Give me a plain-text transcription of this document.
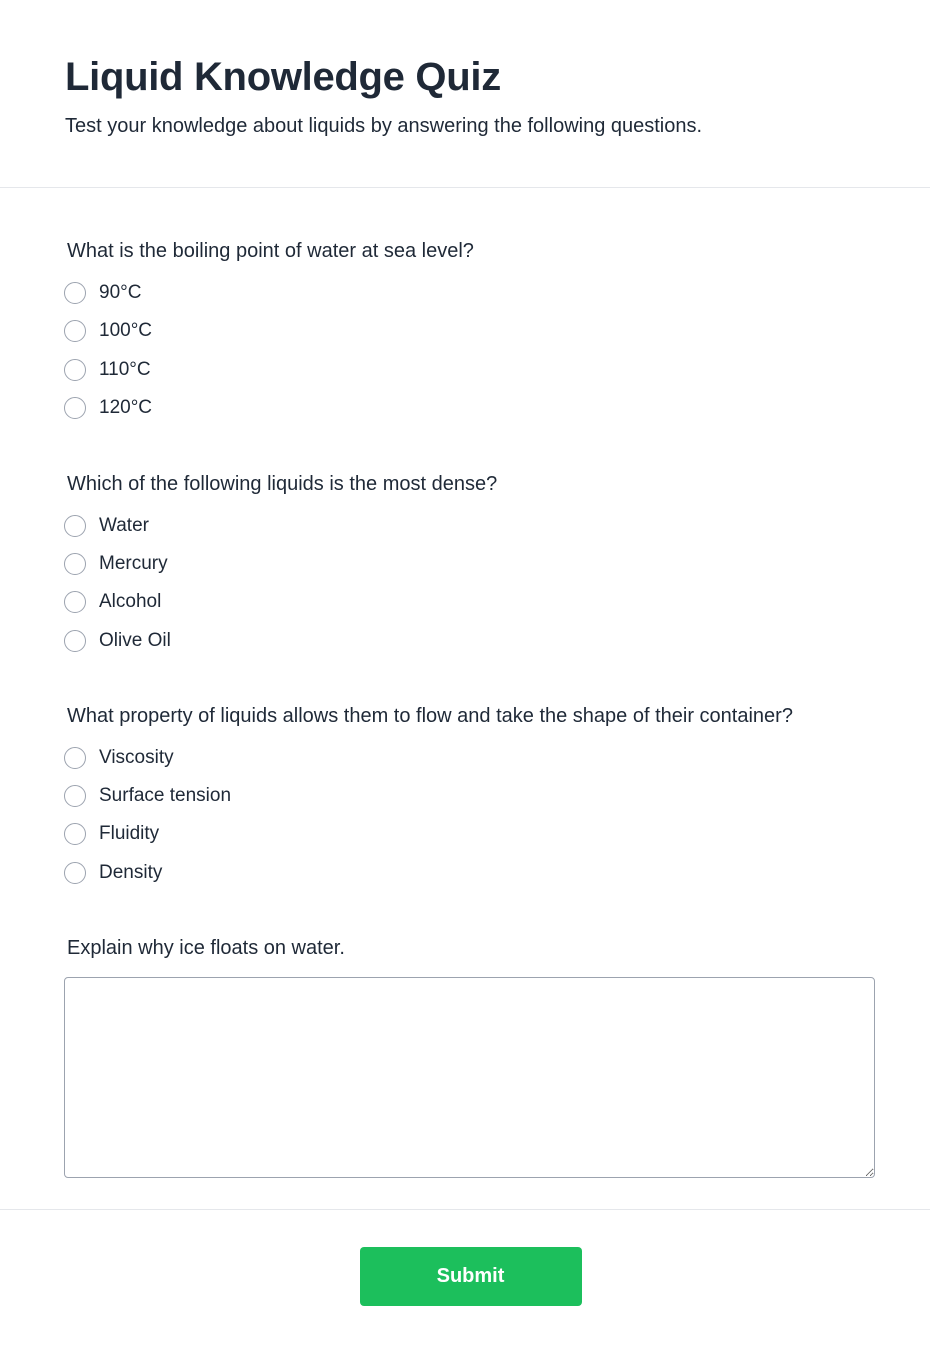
Liquid Knowledge Quiz

Test your knowledge about liquids by answering the following questions.

What is the boiling point of water at sea level?

90°C
100°C
110°C
120°C

Which of the following liquids is the most dense?

Water
Mercury
Alcohol
Olive Oil

What property of liquids allows them to flow and take the shape of their container?

Viscosity
Surface tension
Fluidity
Density

Explain why ice floats on water.

Submit
